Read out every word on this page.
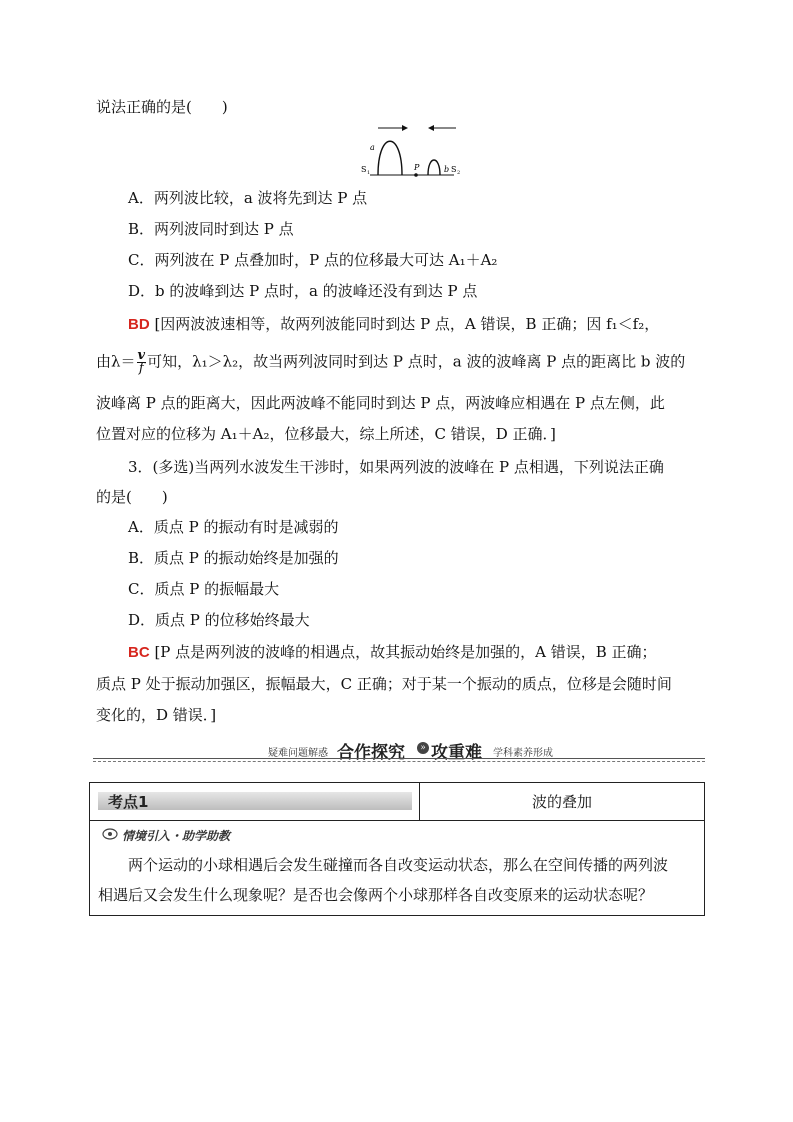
说法正确的是(　　)
a
S 1
P	b S 2
A．两列波比较，a 波将先到达 P 点
B．两列波同时到达 P 点
C．两列波在 P 点叠加时，P 点的位移最大可达 A₁＋A₂
D．b 的波峰到达 P 点时，a 的波峰还没有到达 P 点
BD [因两波波速相等，故两列波能同时到达 P 点，A 错误，B 正确；因 f₁＜f₂，
由$\lambda= \frac{v}{f}$ 可知，λ₁＞λ₂，故当两列波同时到达 P 点时，a 波的波峰离 P 点的距离比 b 波的
波峰离 P 点的距离大，因此两波峰不能同时到达 P 点，两波峰应相遇在 P 点左侧，此
位置对应的位移为 A₁＋A₂，位移最大，综上所述，C 错误，D 正确．]
3．(多选)当两列水波发生干涉时，如果两列波的波峰在 P 点相遇，下列说法正确
的是(　　)
A．质点 P 的振动有时是减弱的
B．质点 P 的振动始终是加强的
C．质点 P 的振幅最大
D．质点 P 的位移始终最大
BC [P 点是两列波的波峰的相遇点，故其振动始终是加强的，A 错误，B 正确；
质点 P 处于振动加强区，振幅最大，C 正确；对于某一个振动的质点，位移是会随时间
变化的，D 错误．]
疑难问题解惑 合作探究	» 攻重难 学科素养形成
考点1	波的叠加
情境引入・助学助教
两个运动的小球相遇后会发生碰撞而各自改变运动状态，那么在空间传播的两列波
相遇后又会发生什么现象呢？是否也会像两个小球那样各自改变原来的运动状态呢？
